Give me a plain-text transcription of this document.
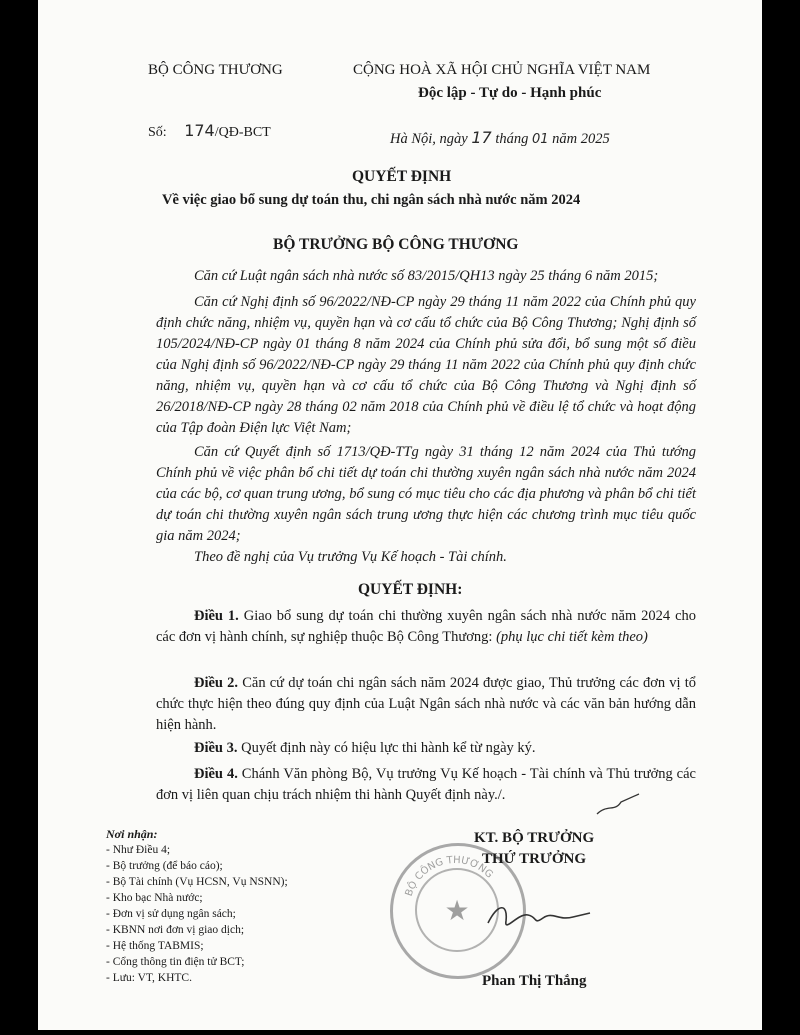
BỘ CÔNG THƯƠNG	CỘNG HOÀ XÃ HỘI CHỦ NGHĨA VIỆT NAM
Độc lập - Tự do - Hạnh phúc
Số: 174/QĐ-BCT	Hà Nội, ngày 17 tháng 01 năm 2025
QUYẾT ĐỊNH
Về việc giao bổ sung dự toán thu, chi ngân sách nhà nước năm 2024
BỘ TRƯỞNG BỘ CÔNG THƯƠNG
Căn cứ Luật ngân sách nhà nước số 83/2015/QH13 ngày 25 tháng 6 năm 2015;
Căn cứ Nghị định số 96/2022/NĐ-CP ngày 29 tháng 11 năm 2022 của Chính phủ quy định chức năng, nhiệm vụ, quyền hạn và cơ cấu tổ chức của Bộ Công Thương; Nghị định số 105/2024/NĐ-CP ngày 01 tháng 8 năm 2024 của Chính phủ sửa đổi, bổ sung một số điều của Nghị định số 96/2022/NĐ-CP ngày 29 tháng 11 năm 2022 của Chính phủ quy định chức năng, nhiệm vụ, quyền hạn và cơ cấu tổ chức của Bộ Công Thương và Nghị định số 26/2018/NĐ-CP ngày 28 tháng 02 năm 2018 của Chính phủ về điều lệ tổ chức và hoạt động của Tập đoàn Điện lực Việt Nam;
Căn cứ Quyết định số 1713/QĐ-TTg ngày 31 tháng 12 năm 2024 của Thủ tướng Chính phủ về việc phân bổ chi tiết dự toán chi thường xuyên ngân sách nhà nước năm 2024 của các bộ, cơ quan trung ương, bổ sung có mục tiêu cho các địa phương và phân bổ chi tiết dự toán chi thường xuyên ngân sách trung ương thực hiện các chương trình mục tiêu quốc gia năm 2024;
Theo đề nghị của Vụ trưởng Vụ Kế hoạch - Tài chính.
QUYẾT ĐỊNH:
Điều 1. Giao bổ sung dự toán chi thường xuyên ngân sách nhà nước năm 2024 cho các đơn vị hành chính, sự nghiệp thuộc Bộ Công Thương: (phụ lục chi tiết kèm theo)
Điều 2. Căn cứ dự toán chi ngân sách năm 2024 được giao, Thủ trưởng các đơn vị tổ chức thực hiện theo đúng quy định của Luật Ngân sách nhà nước và các văn bản hướng dẫn hiện hành.
Điều 3. Quyết định này có hiệu lực thi hành kể từ ngày ký.
Điều 4. Chánh Văn phòng Bộ, Vụ trưởng Vụ Kế hoạch - Tài chính và Thủ trưởng các đơn vị liên quan chịu trách nhiệm thi hành Quyết định này./.
Nơi nhận:
- Như Điều 4;
- Bộ trưởng (để báo cáo);
- Bộ Tài chính (Vụ HCSN, Vụ NSNN);
- Kho bạc Nhà nước;
- Đơn vị sử dụng ngân sách;
- KBNN nơi đơn vị giao dịch;
- Hệ thống TABMIS;
- Cổng thông tin điện tử BCT;
- Lưu: VT, KHTC.
BỘ CÔNG THƯƠNG
★
KT. BỘ TRƯỞNG
THỨ TRƯỞNG
Phan Thị Thắng
